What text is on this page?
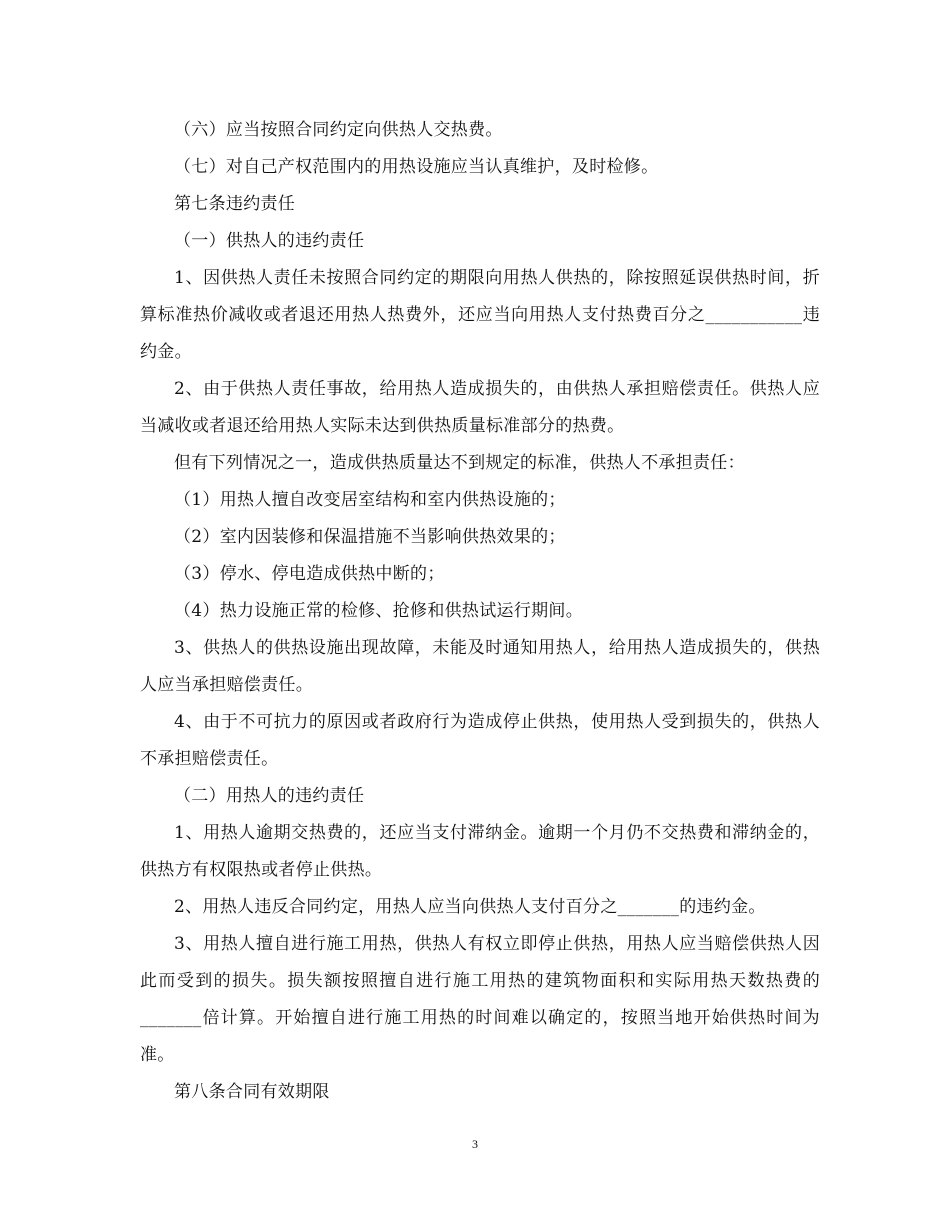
（六）应当按照合同约定向供热人交热费。

（七）对自己产权范围内的用热设施应当认真维护，及时检修。

第七条违约责任

（一）供热人的违约责任

1、因供热人责任未按照合同约定的期限向用热人供热的，除按照延误供热时间，折算标准热价减收或者退还用热人热费外，还应当向用热人支付热费百分之___________违约金。

2、由于供热人责任事故，给用热人造成损失的，由供热人承担赔偿责任。供热人应当减收或者退还给用热人实际未达到供热质量标准部分的热费。

但有下列情况之一，造成供热质量达不到规定的标准，供热人不承担责任：

（1）用热人擅自改变居室结构和室内供热设施的；

（2）室内因装修和保温措施不当影响供热效果的；

（3）停水、停电造成供热中断的；

（4）热力设施正常的检修、抢修和供热试运行期间。

3、供热人的供热设施出现故障，未能及时通知用热人，给用热人造成损失的，供热人应当承担赔偿责任。

4、由于不可抗力的原因或者政府行为造成停止供热，使用热人受到损失的，供热人不承担赔偿责任。

（二）用热人的违约责任

1、用热人逾期交热费的，还应当支付滞纳金。逾期一个月仍不交热费和滞纳金的，供热方有权限热或者停止供热。

2、用热人违反合同约定，用热人应当向供热人支付百分之_______的违约金。

3、用热人擅自进行施工用热，供热人有权立即停止供热，用热人应当赔偿供热人因此而受到的损失。损失额按照擅自进行施工用热的建筑物面积和实际用热天数热费的_______倍计算。开始擅自进行施工用热的时间难以确定的，按照当地开始供热时间为准。

第八条合同有效期限

3
